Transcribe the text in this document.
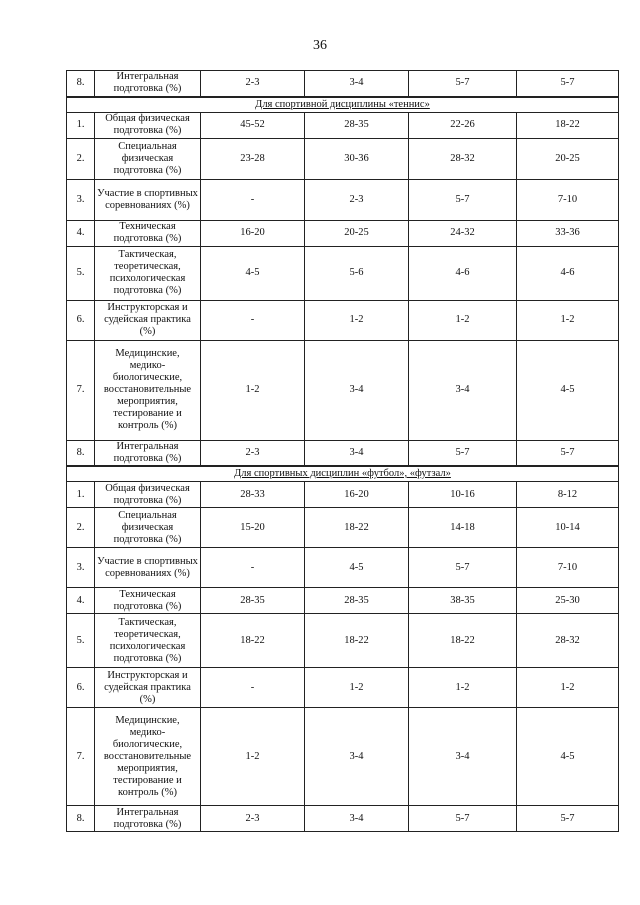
36
8.	Интегральная подготовка (%)	2-3	3-4	5-7	5-7
Для спортивной дисциплины «теннис»					
1.	Общая физическая подготовка (%)	45-52	28-35	22-26	18-22
2.	Специальная физическая подготовка (%)	23-28	30-36	28-32	20-25
3.	Участие в спортивных соревнованиях (%)	-	2-3	5-7	7-10
4.	Техническая подготовка (%)	16-20	20-25	24-32	33-36
5.	Тактическая, теоретическая, психологическая подготовка (%)	4-5	5-6	4-6	4-6
6.	Инструкторская и судейская практика (%)	-	1-2	1-2	1-2
7.	Медицинские, медико-биологические, восстановительные мероприятия, тестирование и контроль (%)	1-2	3-4	3-4	4-5
8.	Интегральная подготовка (%)	2-3	3-4	5-7	5-7
Для спортивных дисциплин «футбол», «футзал»					
1.	Общая физическая подготовка (%)	28-33	16-20	10-16	8-12
2.	Специальная физическая подготовка (%)	15-20	18-22	14-18	10-14
3.	Участие в спортивных соревнованиях (%)	-	4-5	5-7	7-10
4.	Техническая подготовка (%)	28-35	28-35	38-35	25-30
5.	Тактическая, теоретическая, психологическая подготовка (%)	18-22	18-22	18-22	28-32
6.	Инструкторская и судейская практика (%)	-	1-2	1-2	1-2
7.	Медицинские, медико-биологические, восстановительные мероприятия, тестирование и контроль (%)	1-2	3-4	3-4	4-5
8.	Интегральная подготовка (%)	2-3	3-4	5-7	5-7
